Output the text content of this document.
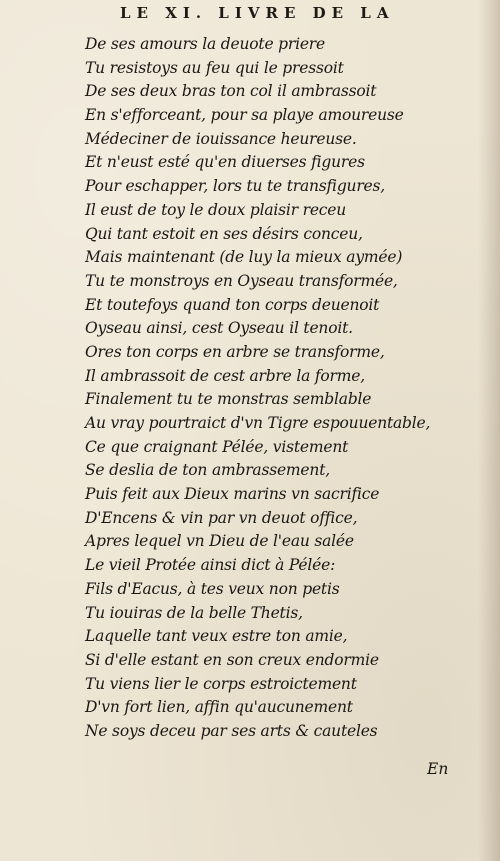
LE XI. LIVRE DE LA
De ses amours la deuote priere
Tu resistoys au feu qui le pressoit
De ses deux bras ton col il ambrassoit
En s'efforceant, pour sa playe amoureuse
Médeciner de iouissance heureuse.
Et n'eust esté qu'en diuerses figures
Pour eschapper, lors tu te transfigures,
Il eust de toy le doux plaisir receu
Qui tant estoit en ses désirs conceu,
Mais maintenant (de luy la mieux aymée)
Tu te monstroys en Oyseau transformée,
Et toutefoys quand ton corps deuenoit
Oyseau ainsi, cest Oyseau il tenoit.
Ores ton corps en arbre se transforme,
Il ambrassoit de cest arbre la forme,
Finalement tu te monstras semblable
Au vray pourtraict d'vn Tigre espouuentable,
Ce que craignant Pélée, vistement
Se deslia de ton ambrassement,
Puis feit aux Dieux marins vn sacrifice
D'Encens & vin par vn deuot office,
Apres lequel vn Dieu de l'eau salée
Le vieil Protée ainsi dict à Pélée:
Fils d'Eacus, à tes veux non petis
Tu iouiras de la belle Thetis,
Laquelle tant veux estre ton amie,
Si d'elle estant en son creux endormie
Tu viens lier le corps estroictement
D'vn fort lien, affin qu'aucunement
Ne soys deceu par ses arts & cauteles
En
